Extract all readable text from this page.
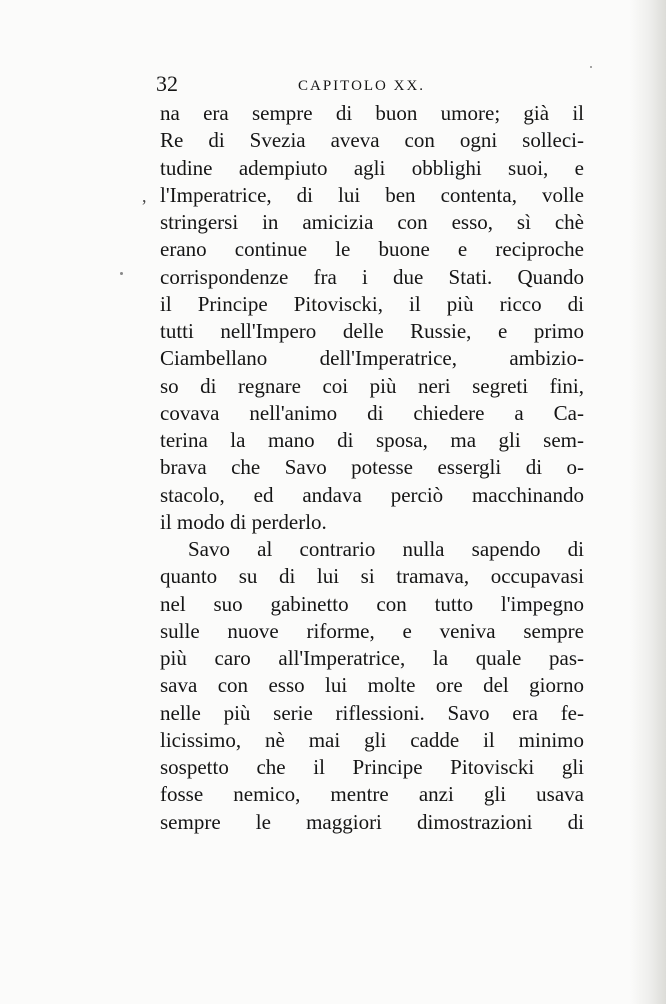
32	CAPITOLO XX.
,
na era sempre di buon umore; già il
Re di Svezia aveva con ogni solleci-
tudine adempiuto agli obblighi suoi, e
l'Imperatrice, di lui ben contenta, volle
stringersi in amicizia con esso, sì chè
erano continue le buone e reciproche
corrispondenze fra i due Stati. Quando
il Principe Pitoviscki, il più ricco di
tutti nell'Impero delle Russie, e primo
Ciambellano dell'Imperatrice, ambizio-
so di regnare coi più neri segreti fini,
covava nell'animo di chiedere a Ca-
terina la mano di sposa, ma gli sem-
brava che Savo potesse essergli di o-
stacolo, ed andava perciò macchinando
il modo di perderlo.
Savo al contrario nulla sapendo di
quanto su di lui si tramava, occupavasi
nel suo gabinetto con tutto l'impegno
sulle nuove riforme, e veniva sempre
più caro all'Imperatrice, la quale pas-
sava con esso lui molte ore del giorno
nelle più serie riflessioni. Savo era fe-
licissimo, nè mai gli cadde il minimo
sospetto che il Principe Pitoviscki gli
fosse nemico, mentre anzi gli usava
sempre le maggiori dimostrazioni di
